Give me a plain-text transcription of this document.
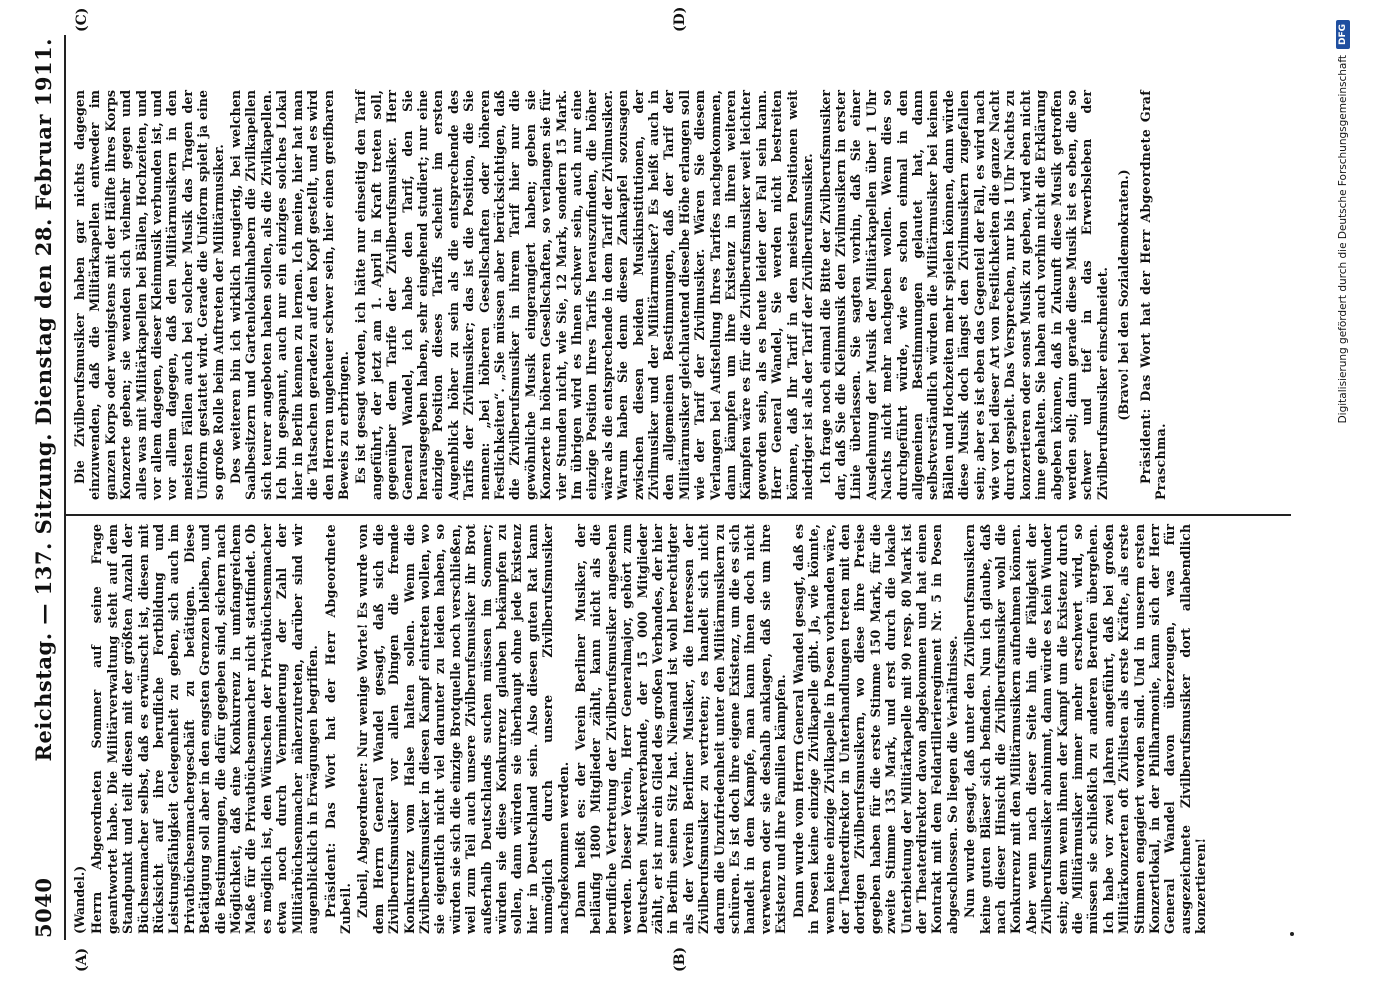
5040
Reichstag. — 137. Sitzung. Dienstag den 28. Februar 1911.
(A)	(B)
(C)	(D)

(Wandel.) Herrn Abgeordneten Sommer auf seine Frage geantwortet habe. Die Militärverwaltung steht auf dem Standpunkt und teilt diesen mit der größten Anzahl der Büchsenmacher selbst, daß es erwünscht ist, diesen mit Rücksicht auf ihre berufliche Fortbildung und Leistungsfähigkeit Gelegenheit zu geben, sich auch im Privatbüchsenmachergeschäft zu betätigen. Diese Betätigung soll aber in den engsten Grenzen bleiben, und die Bestimmungen, die dafür gegeben sind, sichern nach Möglichkeit, daß eine Konkurrenz in umfangreichem Maße für die Privatbüchsenmacher nicht stattfindet. Ob es möglich ist, den Wünschen der Privatbüchsenmacher etwa noch durch Verminderung der Zahl der Militärbüchsenmacher näherzutreten, darüber sind wir augenblicklich in Erwägungen begriffen. Präsident: Das Wort hat der Herr Abgeordnete Zubeil. Zubeil, Abgeordneter: Nur wenige Worte! Es wurde von dem Herrn General Wandel gesagt, daß sich die Zivilberufsmusiker vor allen Dingen die fremde Konkurrenz vom Halse halten sollen. Wenn die Zivilberufsmusiker in diesen Kampf eintreten wollen, wo sie eigentlich nicht viel darunter zu leiden haben, so würden sie sich die einzige Brotquelle noch verschließen, weil zum Teil auch unsere Zivilberufsmusiker ihr Brot außerhalb Deutschlands suchen müssen im Sommer; würden sie diese Konkurrenz glauben bekämpfen zu sollen, dann würden sie überhaupt ohne jede Existenz hier in Deutschland sein. Also diesen guten Rat kann unmöglich durch unsere Zivilberufsmusiker nachgekommen werden. Dann heißt es: der Verein Berliner Musiker, der beiläufig 1800 Mitglieder zählt, kann nicht als die berufliche Vertretung der Zivilberufsmusiker angesehen werden. Dieser Verein, Herr Generalmajor, gehört zum Deutschen Musikerverbande, der 15 000 Mitglieder zählt, er ist nur ein Glied des großen Verbandes, der hier in Berlin seinen Sitz hat. Niemand ist wohl berechtigter als der Verein Berliner Musiker, die Interessen der Zivilberufsmusiker zu vertreten; es handelt sich nicht darum die Unzufriedenheit unter den Militärmusikern zu schüren. Es ist doch ihre eigene Existenz, um die es sich handelt in dem Kampfe, man kann ihnen doch nicht verwehren oder sie deshalb anklagen, daß sie um ihre Existenz und ihre Familien kämpfen. Dann wurde vom Herrn General Wandel gesagt, daß es in Posen keine einzige Zivilkapelle gibt. Ja, wie könnte, wenn keine einzige Zivilkapelle in Posen vorhanden wäre, der Theaterdirektor in Unterhandlungen treten mit den dortigen Zivilberufsmusikern, wo diese ihre Preise gegeben haben für die erste Stimme 150 Mark, für die zweite Stimme 135 Mark, und erst durch die lokale Unterbietung der Militärkapelle mit 90 resp. 80 Mark ist der Theaterdirektor davon abgekommen und hat einen Kontrakt mit dem Feldartillerieregiment Nr. 5 in Posen abgeschlossen. So liegen die Verhältnisse. Nun wurde gesagt, daß unter den Zivilberufsmusikern keine guten Bläser sich befinden. Nun ich glaube, daß nach dieser Hinsicht die Zivilberufsmusiker wohl die Konkurrenz mit den Militärmusikern aufnehmen können. Aber wenn nach dieser Seite hin die Fähigkeit der Zivilberufsmusiker abnimmt, dann würde es kein Wunder sein; denn wenn ihnen der Kampf um die Existenz durch die Militärmusiker immer mehr erschwert wird, so müssen sie schließlich zu anderen Berufen übergehen. Ich habe vor zwei Jahren angeführt, daß bei großen Militärkonzerten oft Zivilisten als erste Kräfte, als erste Stimmen engagiert worden sind. Und in unserm ersten Konzertlokal, in der Philharmonie, kann sich der Herr General Wandel davon überzeugen, was für ausgezeichnete Zivilberufsmusiker dort allabendlich konzertieren!

Die Zivilberufsmusiker haben gar nichts dagegen einzuwenden, daß die Militärkapellen entweder im ganzen Korps oder wenigstens mit der Hälfte ihres Korps Konzerte geben; sie wenden sich vielmehr gegen und alles was mit Militärkapellen bei Bällen, Hochzeiten, und vor allem dagegen, dieser Kleinmusik verbunden ist, und vor allem dagegen, daß den Militärmusikern in den meisten Fällen auch bei solcher Musik das Tragen der Uniform gestattet wird. Gerade die Uniform spielt ja eine so große Rolle beim Auftreten der Militärmusiker. Des weiteren bin ich wirklich neugierig, bei welchen Saalbesitzern und Gartenlokalinhabern die Zivilkapellen sich teurer angeboten haben sollen, als die Zivilkapellen. Ich bin gespannt, auch nur ein einziges solches Lokal hier in Berlin kennen zu lernen. Ich meine, hier hat man die Tatsachen geradezu auf den Kopf gestellt, und es wird den Herren ungeheuer schwer sein, hier einen greifbaren Beweis zu erbringen. Es ist gesagt worden, ich hätte nur einseitig den Tarif angeführt, der jetzt am 1. April in Kraft treten soll, gegenüber dem Tarife der Zivilberufsmusiker. Herr General Wandel, ich habe den Tarif, den Sie herausgegeben haben, sehr eingehend studiert; nur eine einzige Position dieses Tarifs scheint im ersten Augenblick höher zu sein als die entsprechende des Tarifs der Zivilmusiker; das ist die Position, die Sie nennen: „bei höheren Gesellschaften oder höheren Festlichkeiten“. „Sie müssen aber berücksichtigen, daß die Zivilberufsmusiker in ihrem Tarif hier nur die gewöhnliche Musik eingerangiert haben; geben sie Konzerte in höheren Gesellschaften, so verlangen sie für vier Stunden nicht, wie Sie, 12 Mark, sondern 15 Mark. Im übrigen wird es Ihnen schwer sein, auch nur eine einzige Position Ihres Tarifs herauszufinden, die höher wäre als die entsprechende in dem Tarif der Zivilmusiker. Warum haben Sie denn diesen Zankapfel sozusagen zwischen diesen beiden Musikinstitutionen, der Zivilmusiker und der Militärmusiker? Es heißt auch in den allgemeinen Bestimmungen, daß der Tarif der Militärmusiker gleichlautend dieselbe Höhe erlangen soll wie der Tarif der Zivilmusiker. Wären Sie diesem Verlangen bei Aufstellung Ihres Tarifes nachgekommen, dann kämpfen um ihre Existenz in ihren weiteren Kämpfen wäre es für die Zivilberufsmusiker weit leichter geworden sein, als es heute leider der Fall sein kann. Herr General Wandel, Sie werden nicht bestreiten können, daß Ihr Tarif in den meisten Positionen weit niedriger ist als der Tarif der Zivilberufsmusiker. Ich frage noch einmal die Bitte der Zivilberufsmusiker dar, daß Sie die Kleinmusik den Zivilmusikern in erster Linie überlassen. Sie sagten vorhin, daß Sie einer Ausdehnung der Musik der Militärkapellen über 1 Uhr Nachts nicht mehr nachgeben wollen. Wenn dies so durchgeführt würde, wie es schon einmal in den allgemeinen Bestimmungen gelautet hat, dann selbstverständlich würden die Militärmusiker bei keinen Bällen und Hochzeiten mehr spielen können, dann würde diese Musik doch längst den Zivilmusikern zugefallen sein; aber es ist eben das Gegenteil der Fall, es wird nach wie vor bei dieser Art von Festlichkeiten die ganze Nacht durch gespielt. Das Versprechen, nur bis 1 Uhr Nachts zu konzertieren oder sonst Musik zu geben, wird eben nicht inne gehalten. Sie haben auch vorhin nicht die Erklärung abgeben können, daß in Zukunft diese Musik getroffen werden soll; dann gerade diese Musik ist es eben, die so schwer und tief in das Erwerbsleben der Zivilberufsmusiker einschneidet. (Bravo! bei den Sozialdemokraten.) Präsident: Das Wort hat der Herr Abgeordnete Graf Praschma.

Digitalisierung gefördert durch die Deutsche Forschungsgemeinschaft
DFG
